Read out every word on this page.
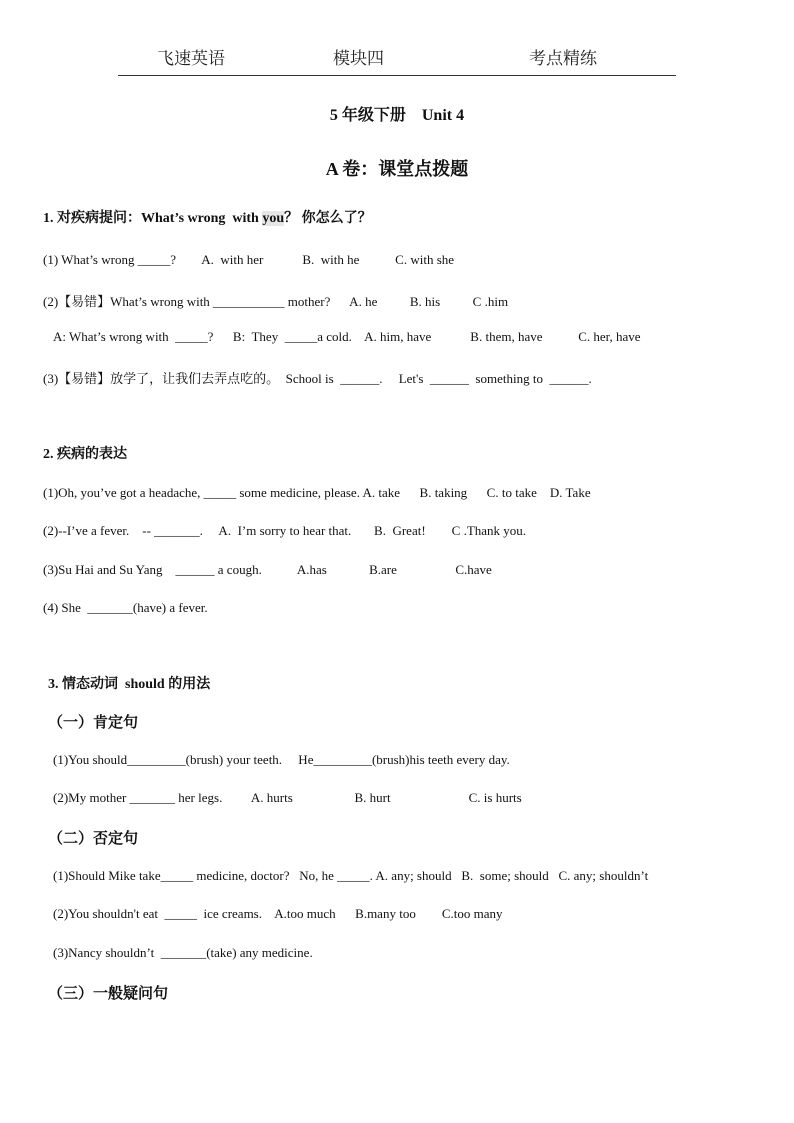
飞速英语	模块四	考点精练
5 年级下册    Unit 4
A 卷：课堂点拨题
1. 对疾病提问：What’s wrong  with you？ 你怎么了？
(1) What’s wrong _____?        A.  with her            B.  with he           C. with she
(2)【易错】What’s wrong with ___________ mother?      A. he          B. his          C .him
A: What’s wrong with  _____?      B:  They  _____a cold.    A. him, have            B. them, have           C. her, have
(3)【易错】放学了，让我们去弄点吃的。  School is  ______.     Let's  ______  something to  ______.
2. 疾病的表达
(1)Oh, you’ve got a headache, _____ some medicine, please. A. take      B. taking      C. to take    D. Take
(2)--I’ve a fever.    -- _______.     A.  I’m sorry to hear that.       B.  Great!        C .Thank you.
(3)Su Hai and Su Yang    ______ a cough.           A.has             B.are                  C.have
(4) She  _______(have) a fever.
3. 情态动词  should 的用法
（一）肯定句
(1)You should_________(brush) your teeth.     He_________(brush)his teeth every day.
(2)My mother _______ her legs.         A. hurts                   B. hurt                        C. is hurts
（二）否定句
(1)Should Mike take_____ medicine, doctor?   No, he _____. A. any; should   B.  some; should   C. any; shouldn’t
(2)You shouldn't eat  _____  ice creams.    A.too much      B.many too        C.too many
(3)Nancy shouldn’t  _______(take) any medicine.
（三）一般疑问句
